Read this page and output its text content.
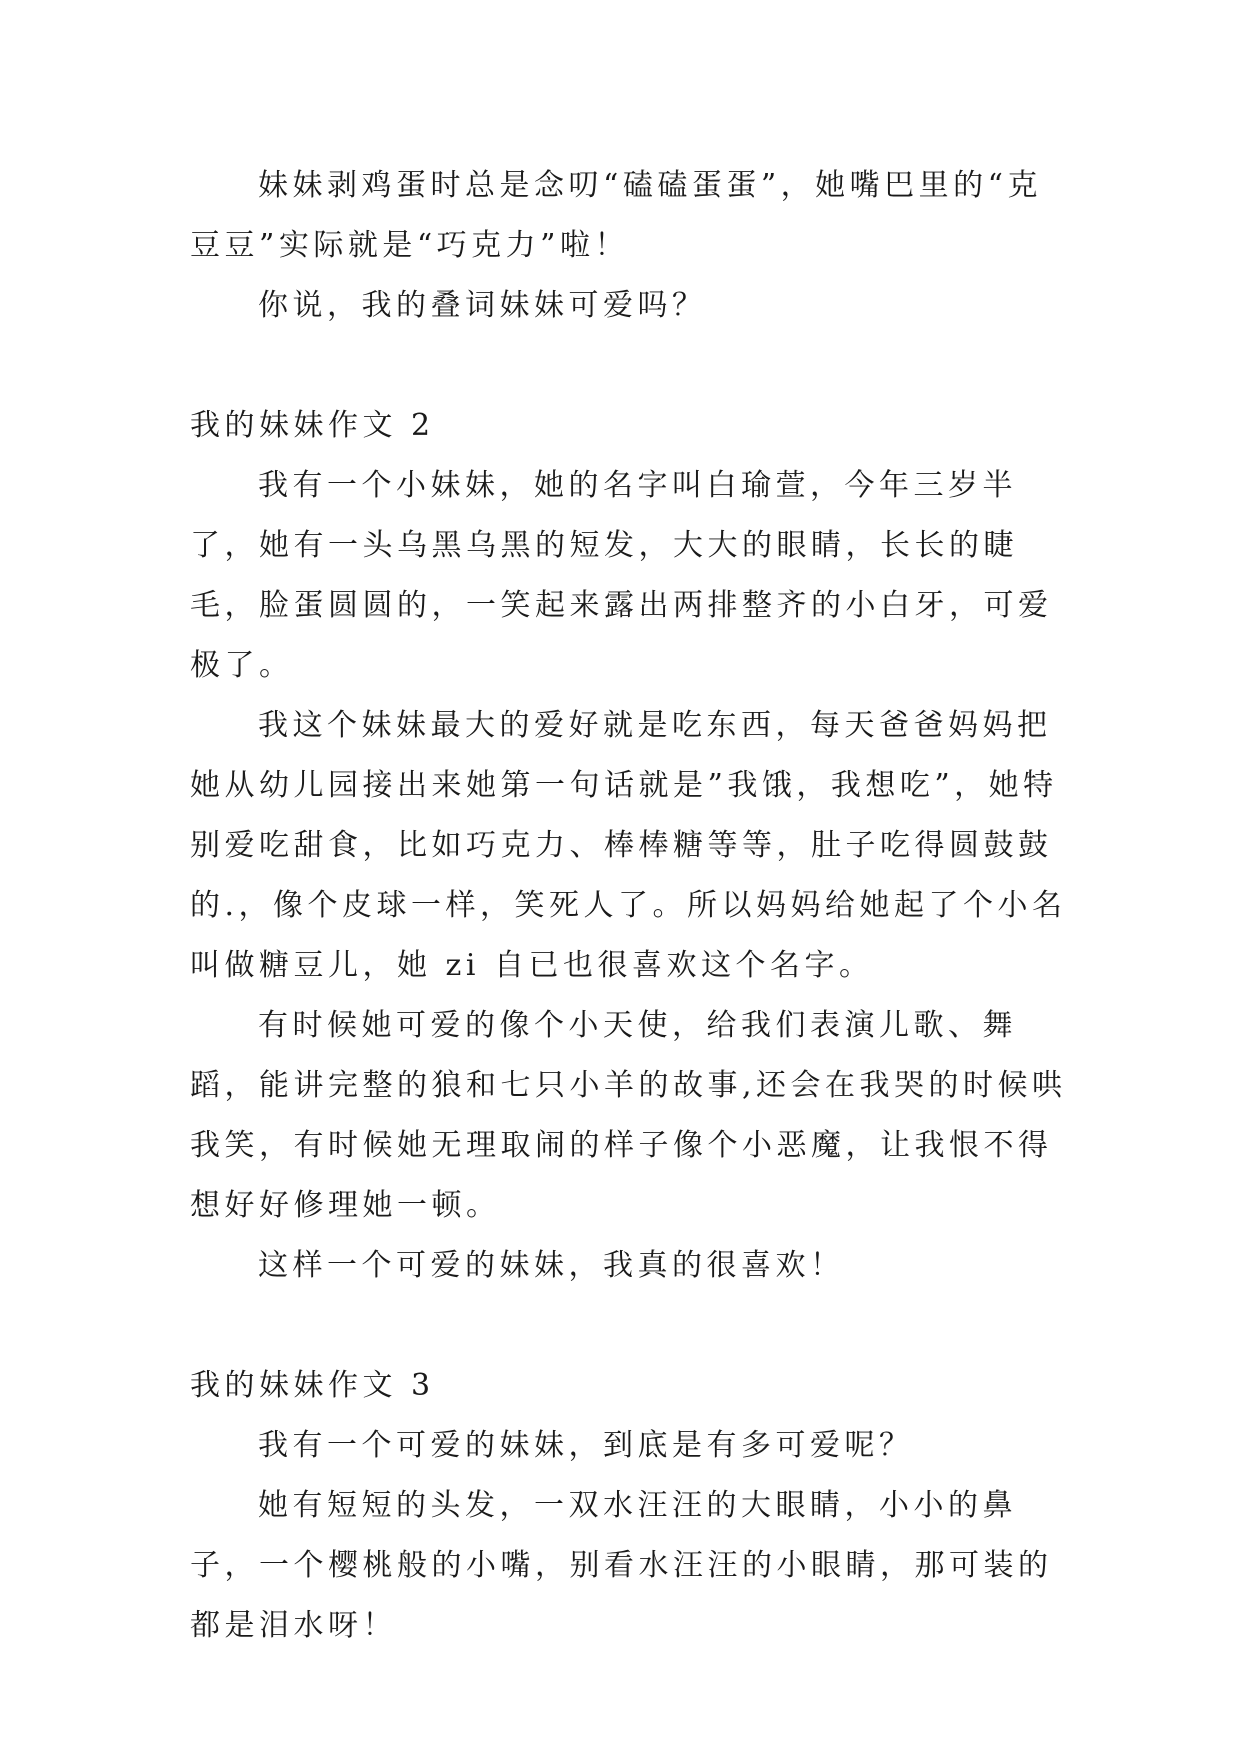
妹妹剥鸡蛋时总是念叨“磕磕蛋蛋”，她嘴巴里的“克豆豆”实际就是“巧克力”啦！

你说，我的叠词妹妹可爱吗？

我的妹妹作文 2

我有一个小妹妹，她的名字叫白瑜萱，今年三岁半了，她有一头乌黑乌黑的短发，大大的眼睛，长长的睫毛，脸蛋圆圆的，一笑起来露出两排整齐的小白牙，可爱极了。

我这个妹妹最大的爱好就是吃东西，每天爸爸妈妈把她从幼儿园接出来她第一句话就是”我饿，我想吃”，她特别爱吃甜食，比如巧克力、棒棒糖等等，肚子吃得圆鼓鼓的.，像个皮球一样，笑死人了。所以妈妈给她起了个小名叫做糖豆儿，她 zi 自已也很喜欢这个名字。

有时候她可爱的像个小天使，给我们表演儿歌、舞蹈，能讲完整的狼和七只小羊的故事,还会在我哭的时候哄我笑，有时候她无理取闹的样子像个小恶魔，让我恨不得想好好修理她一顿。

这样一个可爱的妹妹，我真的很喜欢！

我的妹妹作文 3

我有一个可爱的妹妹，到底是有多可爱呢？

她有短短的头发，一双水汪汪的大眼睛，小小的鼻子，一个樱桃般的小嘴，别看水汪汪的小眼睛，那可装的都是泪水呀！
